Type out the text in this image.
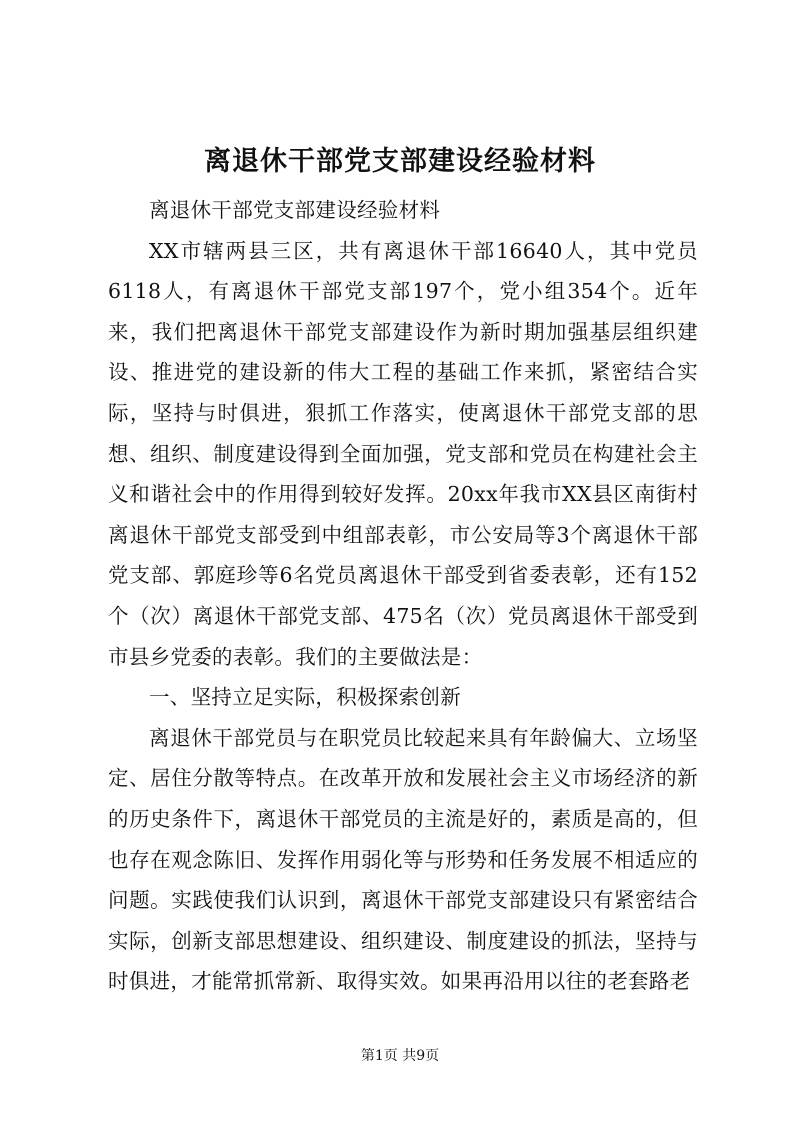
离退休干部党支部建设经验材料

离退休干部党支部建设经验材料

XX市辖两县三区，共有离退休干部16640人，其中党员6118人，有离退休干部党支部197个，党小组354个。近年来，我们把离退休干部党支部建设作为新时期加强基层组织建设、推进党的建设新的伟大工程的基础工作来抓，紧密结合实际，坚持与时俱进，狠抓工作落实，使离退休干部党支部的思想、组织、制度建设得到全面加强，党支部和党员在构建社会主义和谐社会中的作用得到较好发挥。20xx年我市XX县区南街村离退休干部党支部受到中组部表彰，市公安局等3个离退休干部党支部、郭庭珍等6名党员离退休干部受到省委表彰，还有152个（次）离退休干部党支部、475名（次）党员离退休干部受到市县乡党委的表彰。我们的主要做法是：

一、坚持立足实际，积极探索创新

离退休干部党员与在职党员比较起来具有年龄偏大、立场坚定、居住分散等特点。在改革开放和发展社会主义市场经济的新的历史条件下，离退休干部党员的主流是好的，素质是高的，但也存在观念陈旧、发挥作用弱化等与形势和任务发展不相适应的问题。实践使我们认识到，离退休干部党支部建设只有紧密结合实际，创新支部思想建设、组织建设、制度建设的抓法，坚持与时俱进，才能常抓常新、取得实效。如果再沿用以往的老套路老

第1页 共9页
